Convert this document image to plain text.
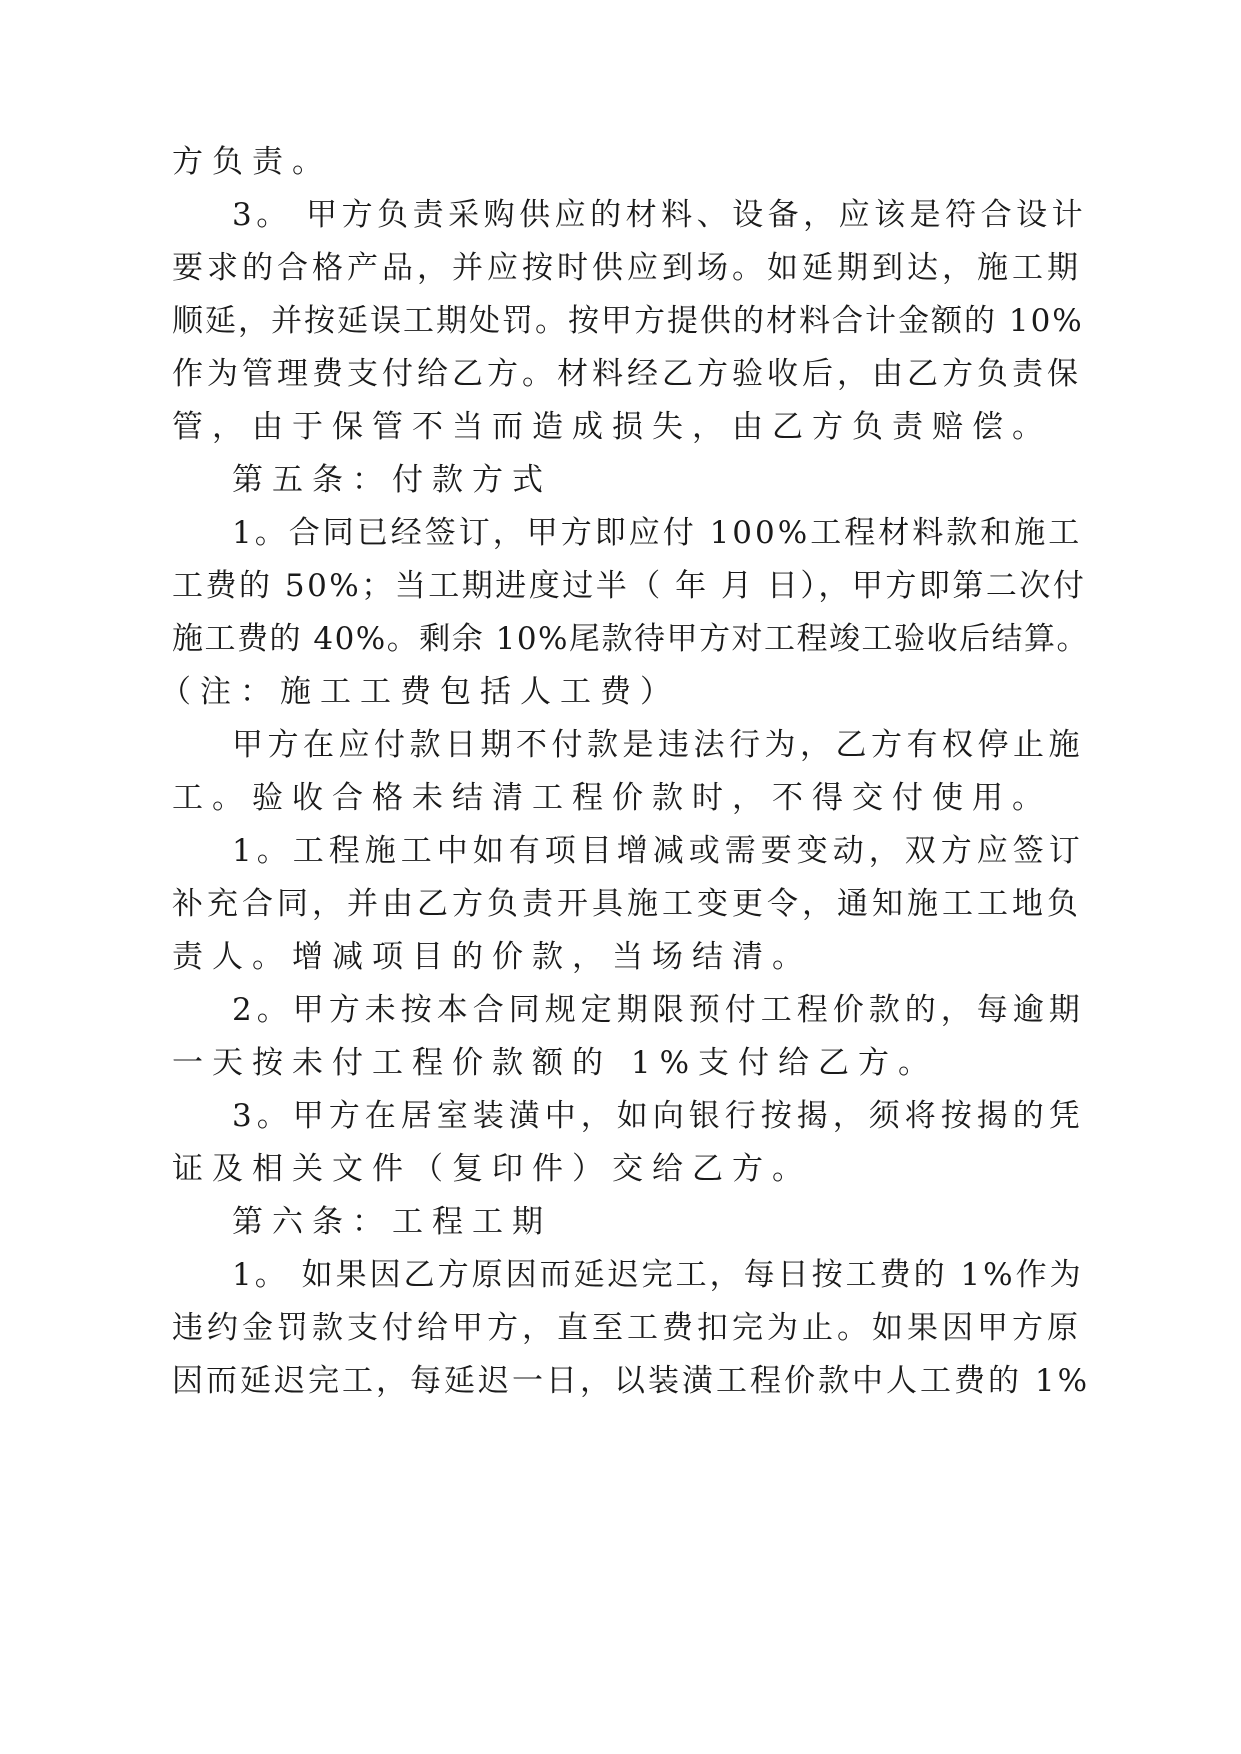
方负责。
3。 甲方负责采购供应的材料、设备，应该是符合设计
要求的合格产品，并应按时供应到场。如延期到达，施工期
顺延，并按延误工期处罚。按甲方提供的材料合计金额的 10%
作为管理费支付给乙方。材料经乙方验收后，由乙方负责保
管，由于保管不当而造成损失，由乙方负责赔偿。
第五条：付款方式
1。合同已经签订，甲方即应付 100%工程材料款和施工
工费的 50%；当工期进度过半（ 年 月 日），甲方即第二次付
施工费的 40%。剩余 10%尾款待甲方对工程竣工验收后结算。
（注：施工工费包括人工费）
甲方在应付款日期不付款是违法行为，乙方有权停止施
工。验收合格未结清工程价款时，不得交付使用。
1。工程施工中如有项目增减或需要变动，双方应签订
补充合同，并由乙方负责开具施工变更令，通知施工工地负
责人。增减项目的价款，当场结清。
2。甲方未按本合同规定期限预付工程价款的，每逾期
一天按未付工程价款额的 1%支付给乙方。
3。甲方在居室装潢中，如向银行按揭，须将按揭的凭
证及相关文件（复印件）交给乙方。
第六条：工程工期
1。 如果因乙方原因而延迟完工，每日按工费的 1%作为
违约金罚款支付给甲方，直至工费扣完为止。如果因甲方原
因而延迟完工，每延迟一日，以装潢工程价款中人工费的 1%
